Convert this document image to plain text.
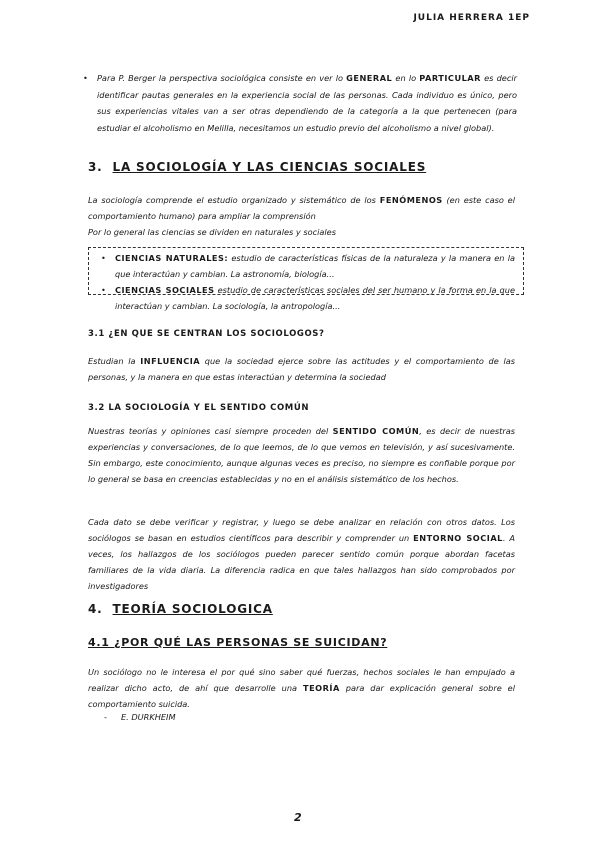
JULIA HERRERA 1EP
• Para P. Berger la perspectiva sociológica consiste en ver lo GENERAL en lo PARTICULAR es decir identificar pautas generales en la experiencia social de las personas. Cada individuo es único, pero sus experiencias vitales van a ser otras dependiendo de la categoría a la que pertenecen (para estudiar el alcoholismo en Melilla, necesitamos un estudio previo del alcoholismo a nivel global).
3. LA SOCIOLOGÍA Y LAS CIENCIAS SOCIALES
La sociología comprende el estudio organizado y sistemático de los FENÓMENOS (en este caso el comportamiento humano) para ampliar la comprensión
Por lo general las ciencias se dividen en naturales y sociales
• CIENCIAS NATURALES: estudio de características físicas de la naturaleza y la manera en la que interactúan y cambian. La astronomía, biología...
• CIENCIAS SOCIALES estudio de características sociales del ser humano y la forma en la que interactúan y cambian. La sociología, la antropología...
3.1 ¿EN QUE SE CENTRAN LOS SOCIOLOGOS?
Estudian la INFLUENCIA que la sociedad ejerce sobre las actitudes y el comportamiento de las personas, y la manera en que estas interactúan y determina la sociedad
3.2 LA SOCIOLOGÍA Y EL SENTIDO COMÚN
Nuestras teorías y opiniones casi siempre proceden del SENTIDO COMÚN, es decir de nuestras experiencias y conversaciones, de lo que leemos, de lo que vemos en televisión, y así sucesivamente. Sin embargo, este conocimiento, aunque algunas veces es preciso, no siempre es confiable porque por lo general se basa en creencias establecidas y no en el análisis sistemático de los hechos.
Cada dato se debe verificar y registrar, y luego se debe analizar en relación con otros datos. Los sociólogos se basan en estudios científicos para describir y comprender un ENTORNO SOCIAL. A veces, los hallazgos de los sociólogos pueden parecer sentido común porque abordan facetas familiares de la vida diaria. La diferencia radica en que tales hallazgos han sido comprobados por investigadores
4. TEORÍA SOCIOLOGICA
4.1 ¿POR QUÉ LAS PERSONAS SE SUICIDAN?
Un sociólogo no le interesa el por qué sino saber qué fuerzas, hechos sociales le han empujado a realizar dicho acto, de ahí que desarrolle una TEORÍA para dar explicación general sobre el comportamiento suicida.
- E. DURKHEIM
2
